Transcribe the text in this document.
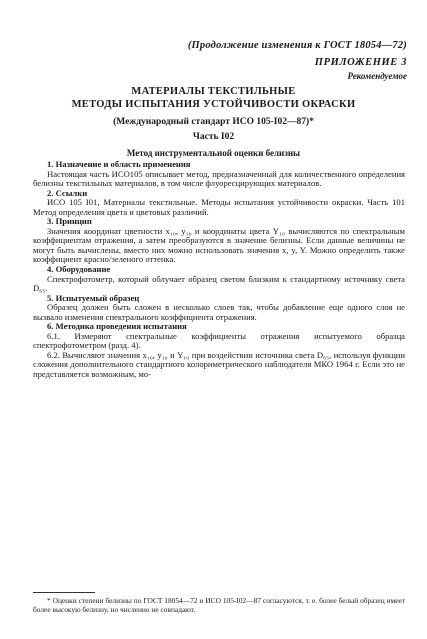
(Продолжение изменения к ГОСТ 18054—72)
ПРИЛОЖЕНИЕ 3
Рекомендуемое
МАТЕРИАЛЫ ТЕКСТИЛЬНЫЕ
МЕТОДЫ ИСПЫТАНИЯ УСТОЙЧИВОСТИ ОКРАСКИ
(Международный стандарт ИСО 105-I02—87)*
Часть I02
Метод инструментальной оценки белизны

1. Назначение и область применения

Настоящая часть ИСО105 описывает метод, предназначенный для количественного определения белизны текстильных материалов, в том числе флуоресцирующих материалов.

2. Ссылки

ИСО 105 I01, Материалы текстильные. Методы испытания устойчивости окраски. Часть 101 Метод определения цвета и цветовых различий.

3. Принцип

Значения координат цветности x₁₀, y₁₀ и координаты цвета Y₁₀ вычисляются по спектральным коэффициентам отражения, а затем преобразуются в значение белизны. Если данные величины не могут быть вычислены, вместо них можно использовать значения x, y, Y. Можно определить также коэффициент красно/зеленого оттенка.

4. Оборудование

Спектрофотометр, который облучает образец светом близким к стандартному источнику света D₆₅.

5. Испытуемый образец

Образец должен быть сложен в несколько слоев так, чтобы добавление еще одного слоя не вызвало изменения спектрального коэффициента отражения.

6. Методика проведения испытания

6.1. Измеряют спектральные коэффициенты отражения испытуемого образца спектрофотометром (разд. 4).

6.2. Вычисляют значения x₁₀, y₁₀ и Y₁₀ при воздействии источника света D₆₅, используя функции сложения дополнительного стандартного колориметрического наблюдателя МКО 1964 г. Если это не представляется возможным, мо-

* Оценки степени белизны по ГОСТ 18054—72 и ИСО 105-I02—87 согласуются, т. е. более белый образец имеет более высокую белизну, но численно не совпадают.
